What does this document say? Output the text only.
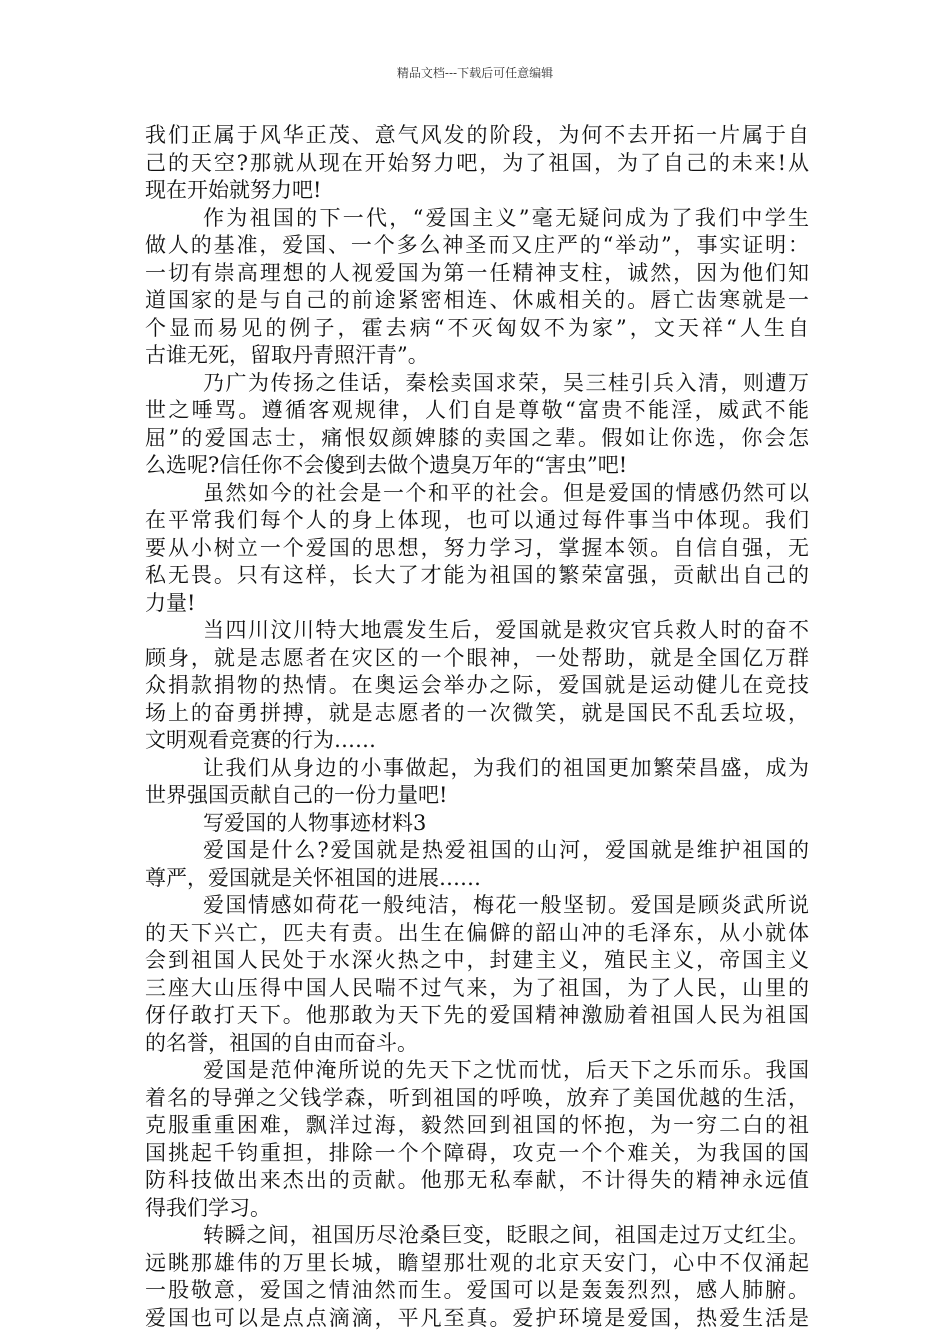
精品文档---下载后可任意编辑
我们正属于风华正茂、意气风发的阶段，为何不去开拓一片属于自
己的天空?那就从现在开始努力吧，为了祖国，为了自己的未来!从
现在开始就努力吧!
作为祖国的下一代，“爱国主义”毫无疑问成为了我们中学生
做人的基准，爱国、一个多么神圣而又庄严的“举动”，事实证明：
一切有崇高理想的人视爱国为第一任精神支柱，诚然，因为他们知
道国家的是与自己的前途紧密相连、休戚相关的。唇亡齿寒就是一
个显而易见的例子，霍去病“不灭匈奴不为家”，文天祥“人生自
古谁无死，留取丹青照汗青”。
乃广为传扬之佳话，秦桧卖国求荣，吴三桂引兵入清，则遭万
世之唾骂。遵循客观规律，人们自是尊敬“富贵不能淫，威武不能
屈”的爱国志士，痛恨奴颜婢膝的卖国之辈。假如让你选，你会怎
么选呢?信任你不会傻到去做个遗臭万年的“害虫”吧!
虽然如今的社会是一个和平的社会。但是爱国的情感仍然可以
在平常我们每个人的身上体现，也可以通过每件事当中体现。我们
要从小树立一个爱国的思想，努力学习，掌握本领。自信自强，无
私无畏。只有这样，长大了才能为祖国的繁荣富强，贡献出自己的
力量!
当四川汶川特大地震发生后，爱国就是救灾官兵救人时的奋不
顾身，就是志愿者在灾区的一个眼神，一处帮助，就是全国亿万群
众捐款捐物的热情。在奥运会举办之际，爱国就是运动健儿在竞技
场上的奋勇拼搏，就是志愿者的一次微笑，就是国民不乱丢垃圾，
文明观看竞赛的行为……
让我们从身边的小事做起，为我们的祖国更加繁荣昌盛，成为
世界强国贡献自己的一份力量吧!
写爱国的人物事迹材料3
爱国是什么?爱国就是热爱祖国的山河，爱国就是维护祖国的
尊严，爱国就是关怀祖国的进展……
爱国情感如荷花一般纯洁，梅花一般坚韧。爱国是顾炎武所说
的天下兴亡，匹夫有责。出生在偏僻的韶山冲的毛泽东，从小就体
会到祖国人民处于水深火热之中，封建主义，殖民主义，帝国主义
三座大山压得中国人民喘不过气来，为了祖国，为了人民，山里的
伢仔敢打天下。他那敢为天下先的爱国精神激励着祖国人民为祖国
的名誉，祖国的自由而奋斗。
爱国是范仲淹所说的先天下之忧而忧，后天下之乐而乐。我国
着名的导弹之父钱学森，听到祖国的呼唤，放弃了美国优越的生活，
克服重重困难，飘洋过海，毅然回到祖国的怀抱，为一穷二白的祖
国挑起千钧重担，排除一个个障碍，攻克一个个难关，为我国的国
防科技做出来杰出的贡献。他那无私奉献，不计得失的精神永远值
得我们学习。
转瞬之间，祖国历尽沧桑巨变，眨眼之间，祖国走过万丈红尘。
远眺那雄伟的万里长城，瞻望那壮观的北京天安门，心中不仅涌起
一股敬意，爱国之情油然而生。爱国可以是轰轰烈烈，感人肺腑。
爱国也可以是点点滴滴，平凡至真。爱护环境是爱国，热爱生活是
